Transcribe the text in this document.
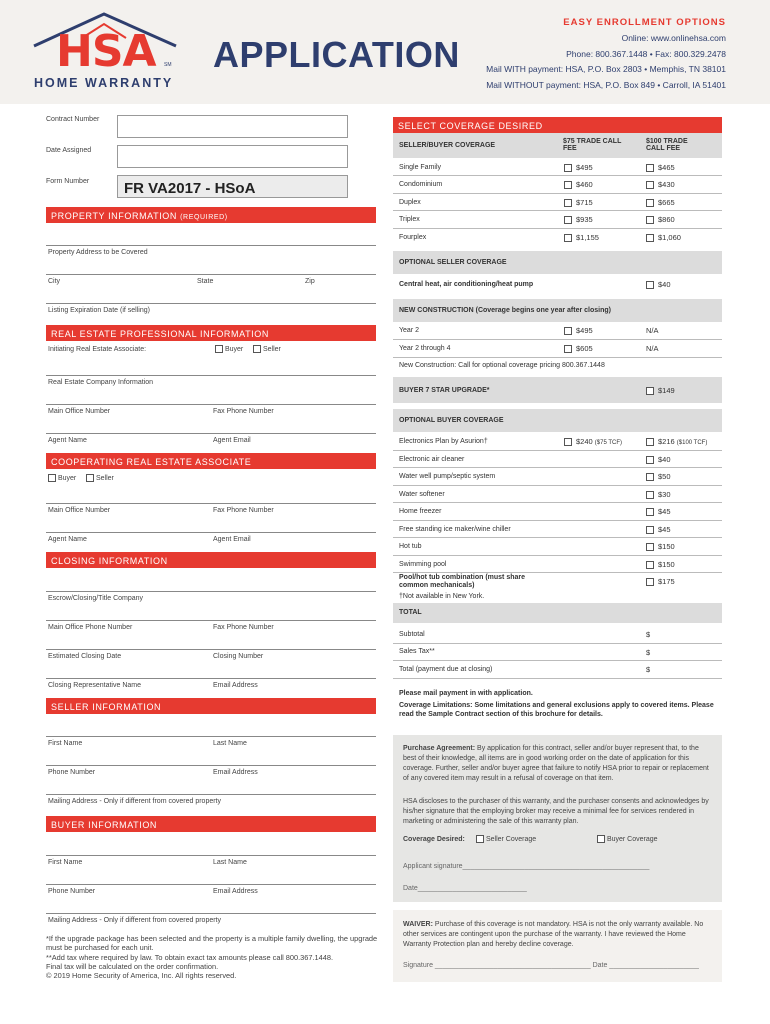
HSA SM
HOME WARRANTY
APPLICATION
EASY ENROLLMENT OPTIONS
Online: www.onlinehsa.com
Phone: 800.367.1448 • Fax: 800.329.2478
Mail WITH payment: HSA, P.O. Box 2803 • Memphis, TN 38101
Mail WITHOUT payment: HSA, P.O. Box 849 • Carroll, IA 51401
Contract Number
Date Assigned
Form Number	FR VA2017 - HSoA
PROPERTY INFORMATION (REQUIRED)
Property Address to be Covered
City	State	Zip
Listing Expiration Date (if selling)
REAL ESTATE PROFESSIONAL INFORMATION
Initiating Real Estate Associate:	Buyer	Seller
Real Estate Company Information
Main Office Number	Fax Phone Number
Agent Name	Agent Email
COOPERATING REAL ESTATE ASSOCIATE
Buyer	Seller
Main Office Number	Fax Phone Number
Agent Name	Agent Email
CLOSING INFORMATION
Escrow/Closing/Title Company
Main Office Phone Number	Fax Phone Number
Estimated Closing Date	Closing Number
Closing Representative Name	Email Address
SELLER INFORMATION
First Name	Last Name
Phone Number	Email Address
Mailing Address - Only if different from covered property
BUYER INFORMATION
First Name	Last Name
Phone Number	Email Address
Mailing Address - Only if different from covered property
*If the upgrade package has been selected and the property is a multiple family dwelling, the upgrade must be purchased for each unit.
**Add tax where required by law. To obtain exact tax amounts please call 800.367.1448.
Final tax will be calculated on the order confirmation.
© 2019 Home Security of America, Inc. All rights reserved.
SELECT COVERAGE DESIRED
SELLER/BUYER COVERAGE
$75 TRADE CALL FEE
$100 TRADE CALL FEE
Single Family	$495	$465
Condominium	$460	$430
Duplex	$715	$665
Triplex	$935	$860
Fourplex	$1,155	$1,060
OPTIONAL SELLER COVERAGE
Central heat, air conditioning/heat pump	$40
NEW CONSTRUCTION (Coverage begins one year after closing)
Year 2	$495	N/A
Year 2 through 4	$605	N/A
New Construction: Call for optional coverage pricing 800.367.1448
BUYER 7 STAR UPGRADE*	$149
OPTIONAL BUYER COVERAGE
Electronics Plan by Asurion†	$240 ($75 TCF)	$216 ($100 TCF)
Electronic air cleaner	$40
Water well pump/septic system	$50
Water softener	$30
Home freezer	$45
Free standing ice maker/wine chiller	$45
Hot tub	$150
Swimming pool	$150
Pool/hot tub combination (must share common mechanicals)	$175
†Not available in New York.
TOTAL
Subtotal	$
Sales Tax**	$
Total (payment due at closing)	$
Please mail payment in with application.
Coverage Limitations: Some limitations and general exclusions apply to covered items. Please read the Sample Contract section of this brochure for details.
Purchase Agreement: By application for this contract, seller and/or buyer represent that, to the best of their knowledge, all items are in good working order on the date of application for this coverage. Further, seller and/or buyer agree that failure to notify HSA prior to repair or replacement of any covered item may result in a refusal of coverage on that item.
HSA discloses to the purchaser of this warranty, and the purchaser consents and acknowledges by his/her signature that the employing broker may receive a minimal fee for services rendered in marketing or administering the sale of this warranty plan.
Coverage Desired:	Seller Coverage	Buyer Coverage
Applicant signature________________________________________________
Date____________________________
WAIVER: Purchase of this coverage is not mandatory. HSA is not the only warranty available. No other services are contingent upon the purchase of the warranty. I have reviewed the Home Warranty Protection plan and hereby decline coverage.
Signature ________________________________________ Date _______________________
